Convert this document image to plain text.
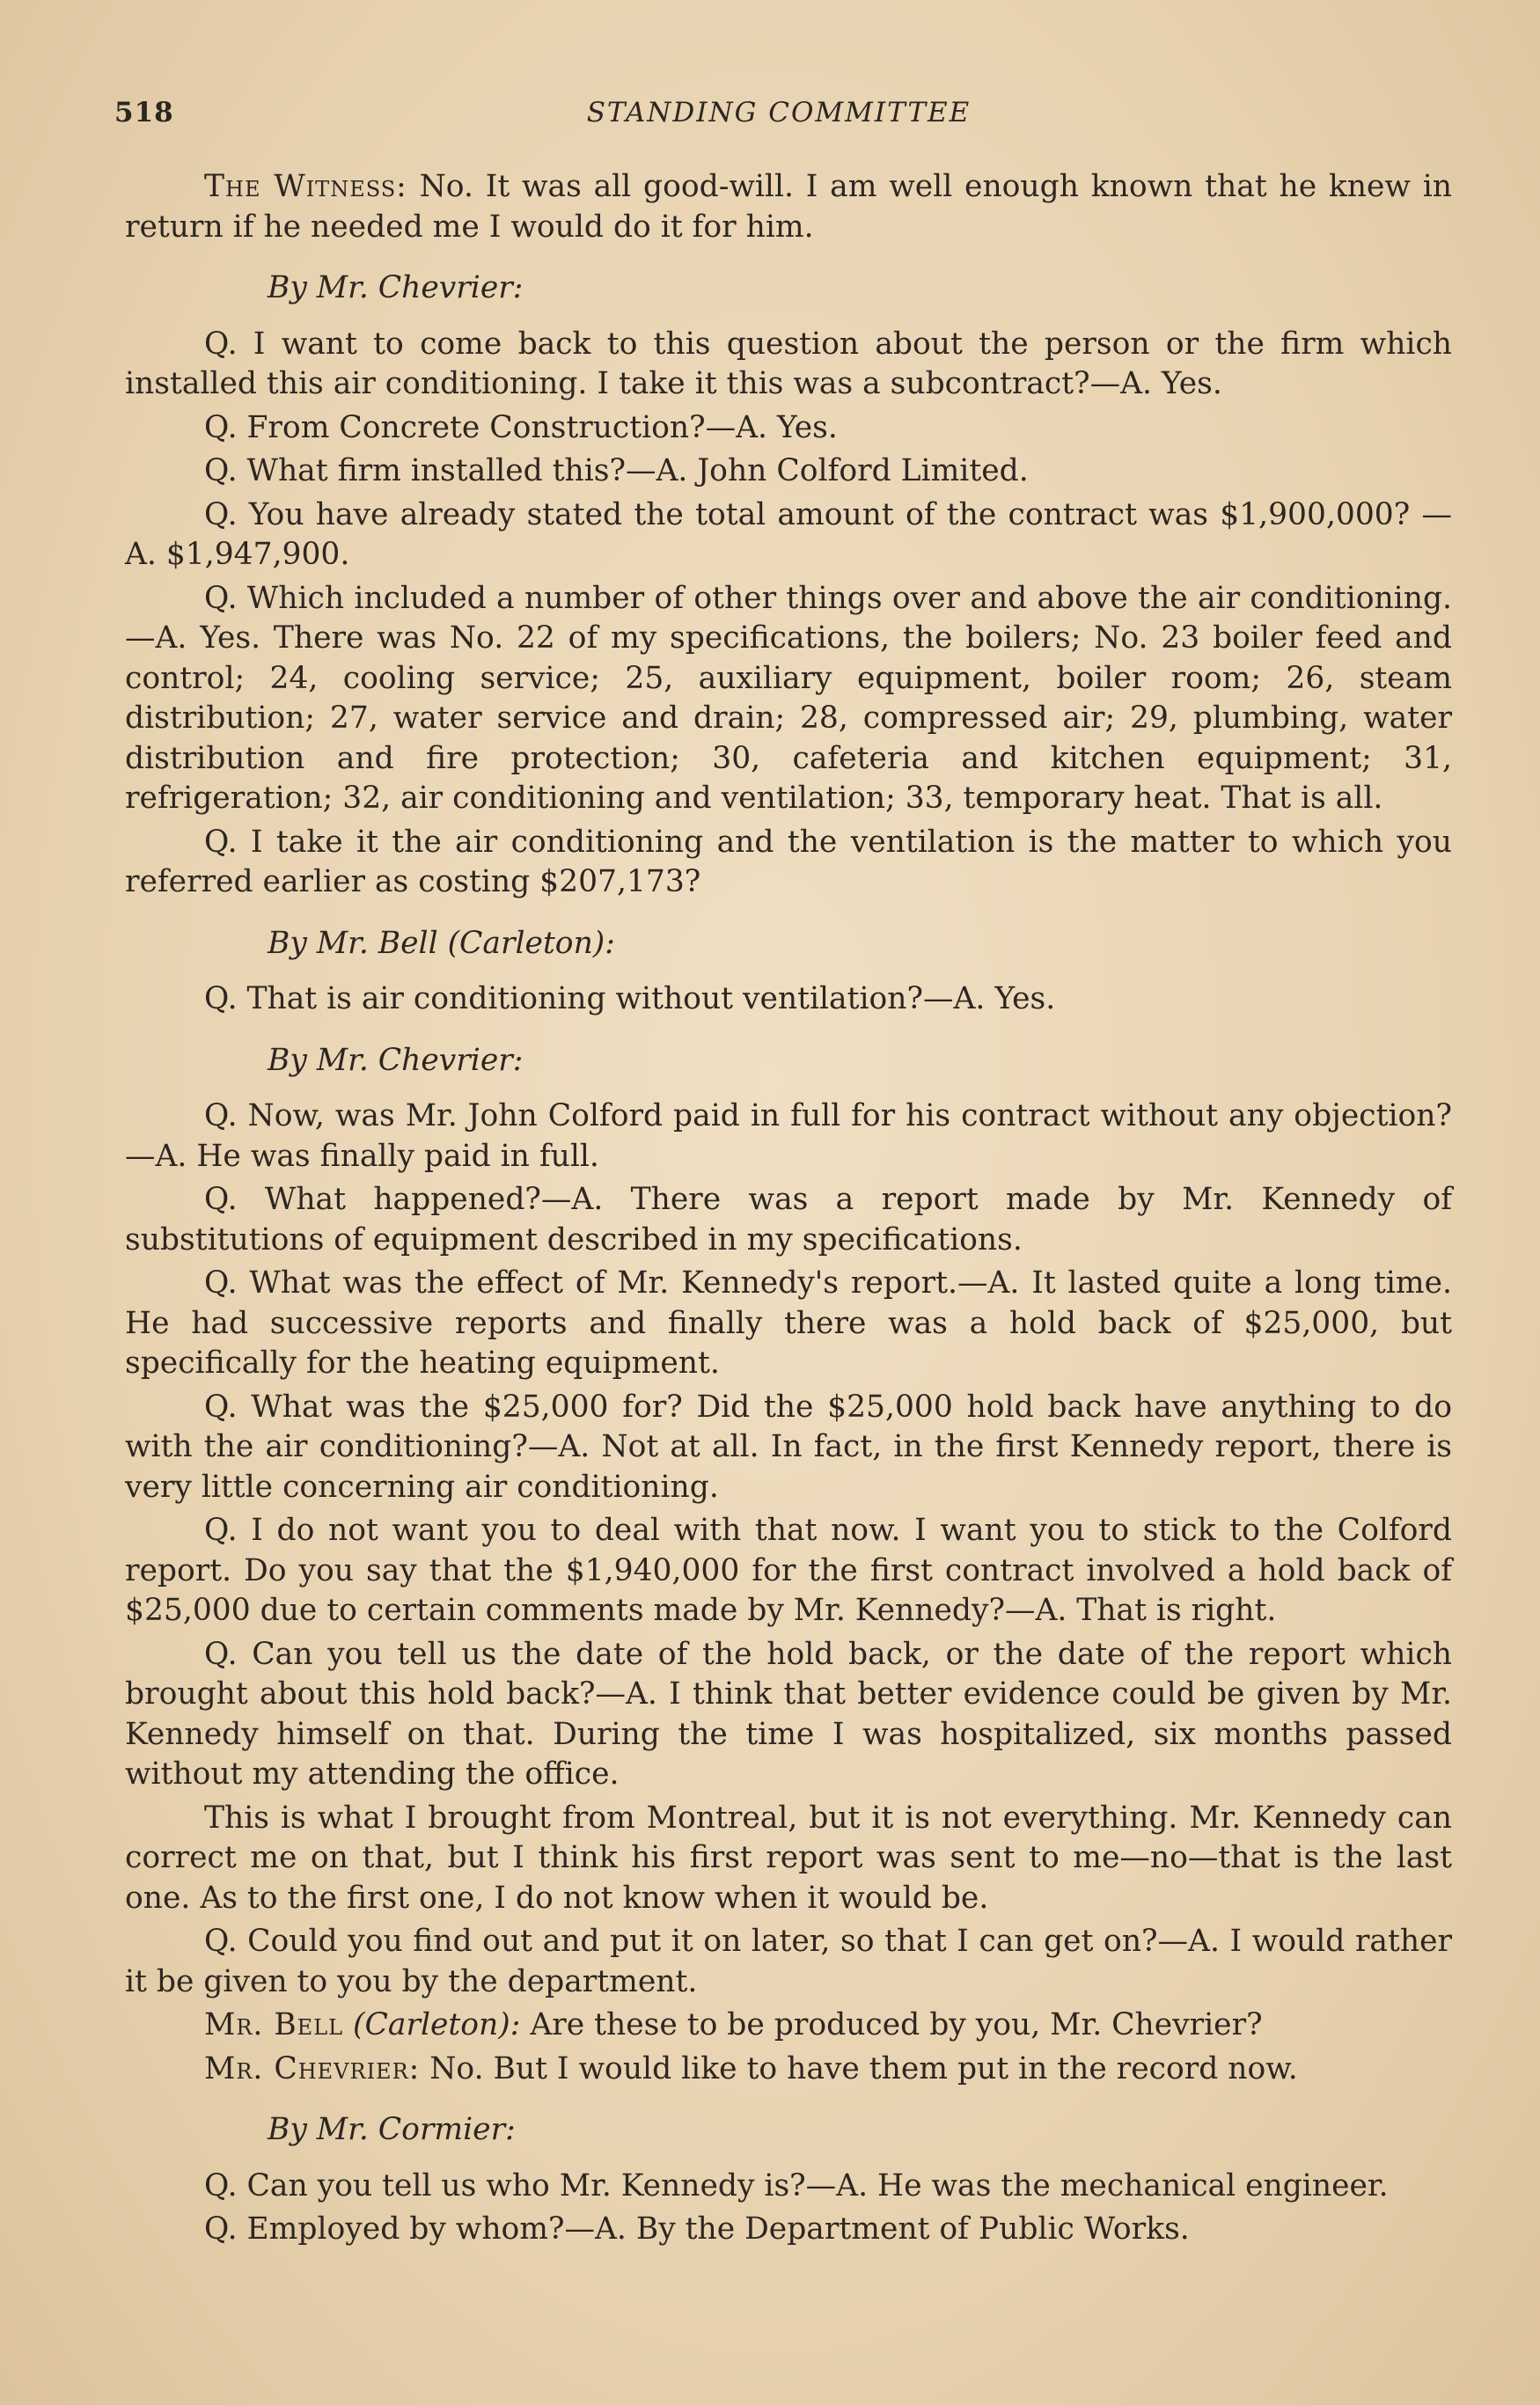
518	STANDING COMMITTEE

The Witness: No. It was all good-will. I am well enough known that he knew in return if he needed me I would do it for him.

By Mr. Chevrier:

Q. I want to come back to this question about the person or the firm which installed this air conditioning. I take it this was a subcontract?—A. Yes.

Q. From Concrete Construction?—A. Yes.

Q. What firm installed this?—A. John Colford Limited.

Q. You have already stated the total amount of the contract was $1,900,000? —A. $1,947,900.

Q. Which included a number of other things over and above the air conditioning.—A. Yes. There was No. 22 of my specifications, the boilers; No. 23 boiler feed and control; 24, cooling service; 25, auxiliary equipment, boiler room; 26, steam distribution; 27, water service and drain; 28, compressed air; 29, plumbing, water distribution and fire protection; 30, cafeteria and kitchen equipment; 31, refrigeration; 32, air conditioning and ventilation; 33, temporary heat. That is all.

Q. I take it the air conditioning and the ventilation is the matter to which you referred earlier as costing $207,173?

By Mr. Bell (Carleton):

Q. That is air conditioning without ventilation?—A. Yes.

By Mr. Chevrier:

Q. Now, was Mr. John Colford paid in full for his contract without any objection?—A. He was finally paid in full.

Q. What happened?—A. There was a report made by Mr. Kennedy of substitutions of equipment described in my specifications.

Q. What was the effect of Mr. Kennedy's report.—A. It lasted quite a long time. He had successive reports and finally there was a hold back of $25,000, but specifically for the heating equipment.

Q. What was the $25,000 for? Did the $25,000 hold back have anything to do with the air conditioning?—A. Not at all. In fact, in the first Kennedy report, there is very little concerning air conditioning.

Q. I do not want you to deal with that now. I want you to stick to the Colford report. Do you say that the $1,940,000 for the first contract involved a hold back of $25,000 due to certain comments made by Mr. Kennedy?—A. That is right.

Q. Can you tell us the date of the hold back, or the date of the report which brought about this hold back?—A. I think that better evidence could be given by Mr. Kennedy himself on that. During the time I was hospitalized, six months passed without my attending the office.

This is what I brought from Montreal, but it is not everything. Mr. Kennedy can correct me on that, but I think his first report was sent to me—no—that is the last one. As to the first one, I do not know when it would be.

Q. Could you find out and put it on later, so that I can get on?—A. I would rather it be given to you by the department.

Mr. Bell (Carleton): Are these to be produced by you, Mr. Chevrier?

Mr. Chevrier: No. But I would like to have them put in the record now.

By Mr. Cormier:

Q. Can you tell us who Mr. Kennedy is?—A. He was the mechanical engineer.

Q. Employed by whom?—A. By the Department of Public Works.
